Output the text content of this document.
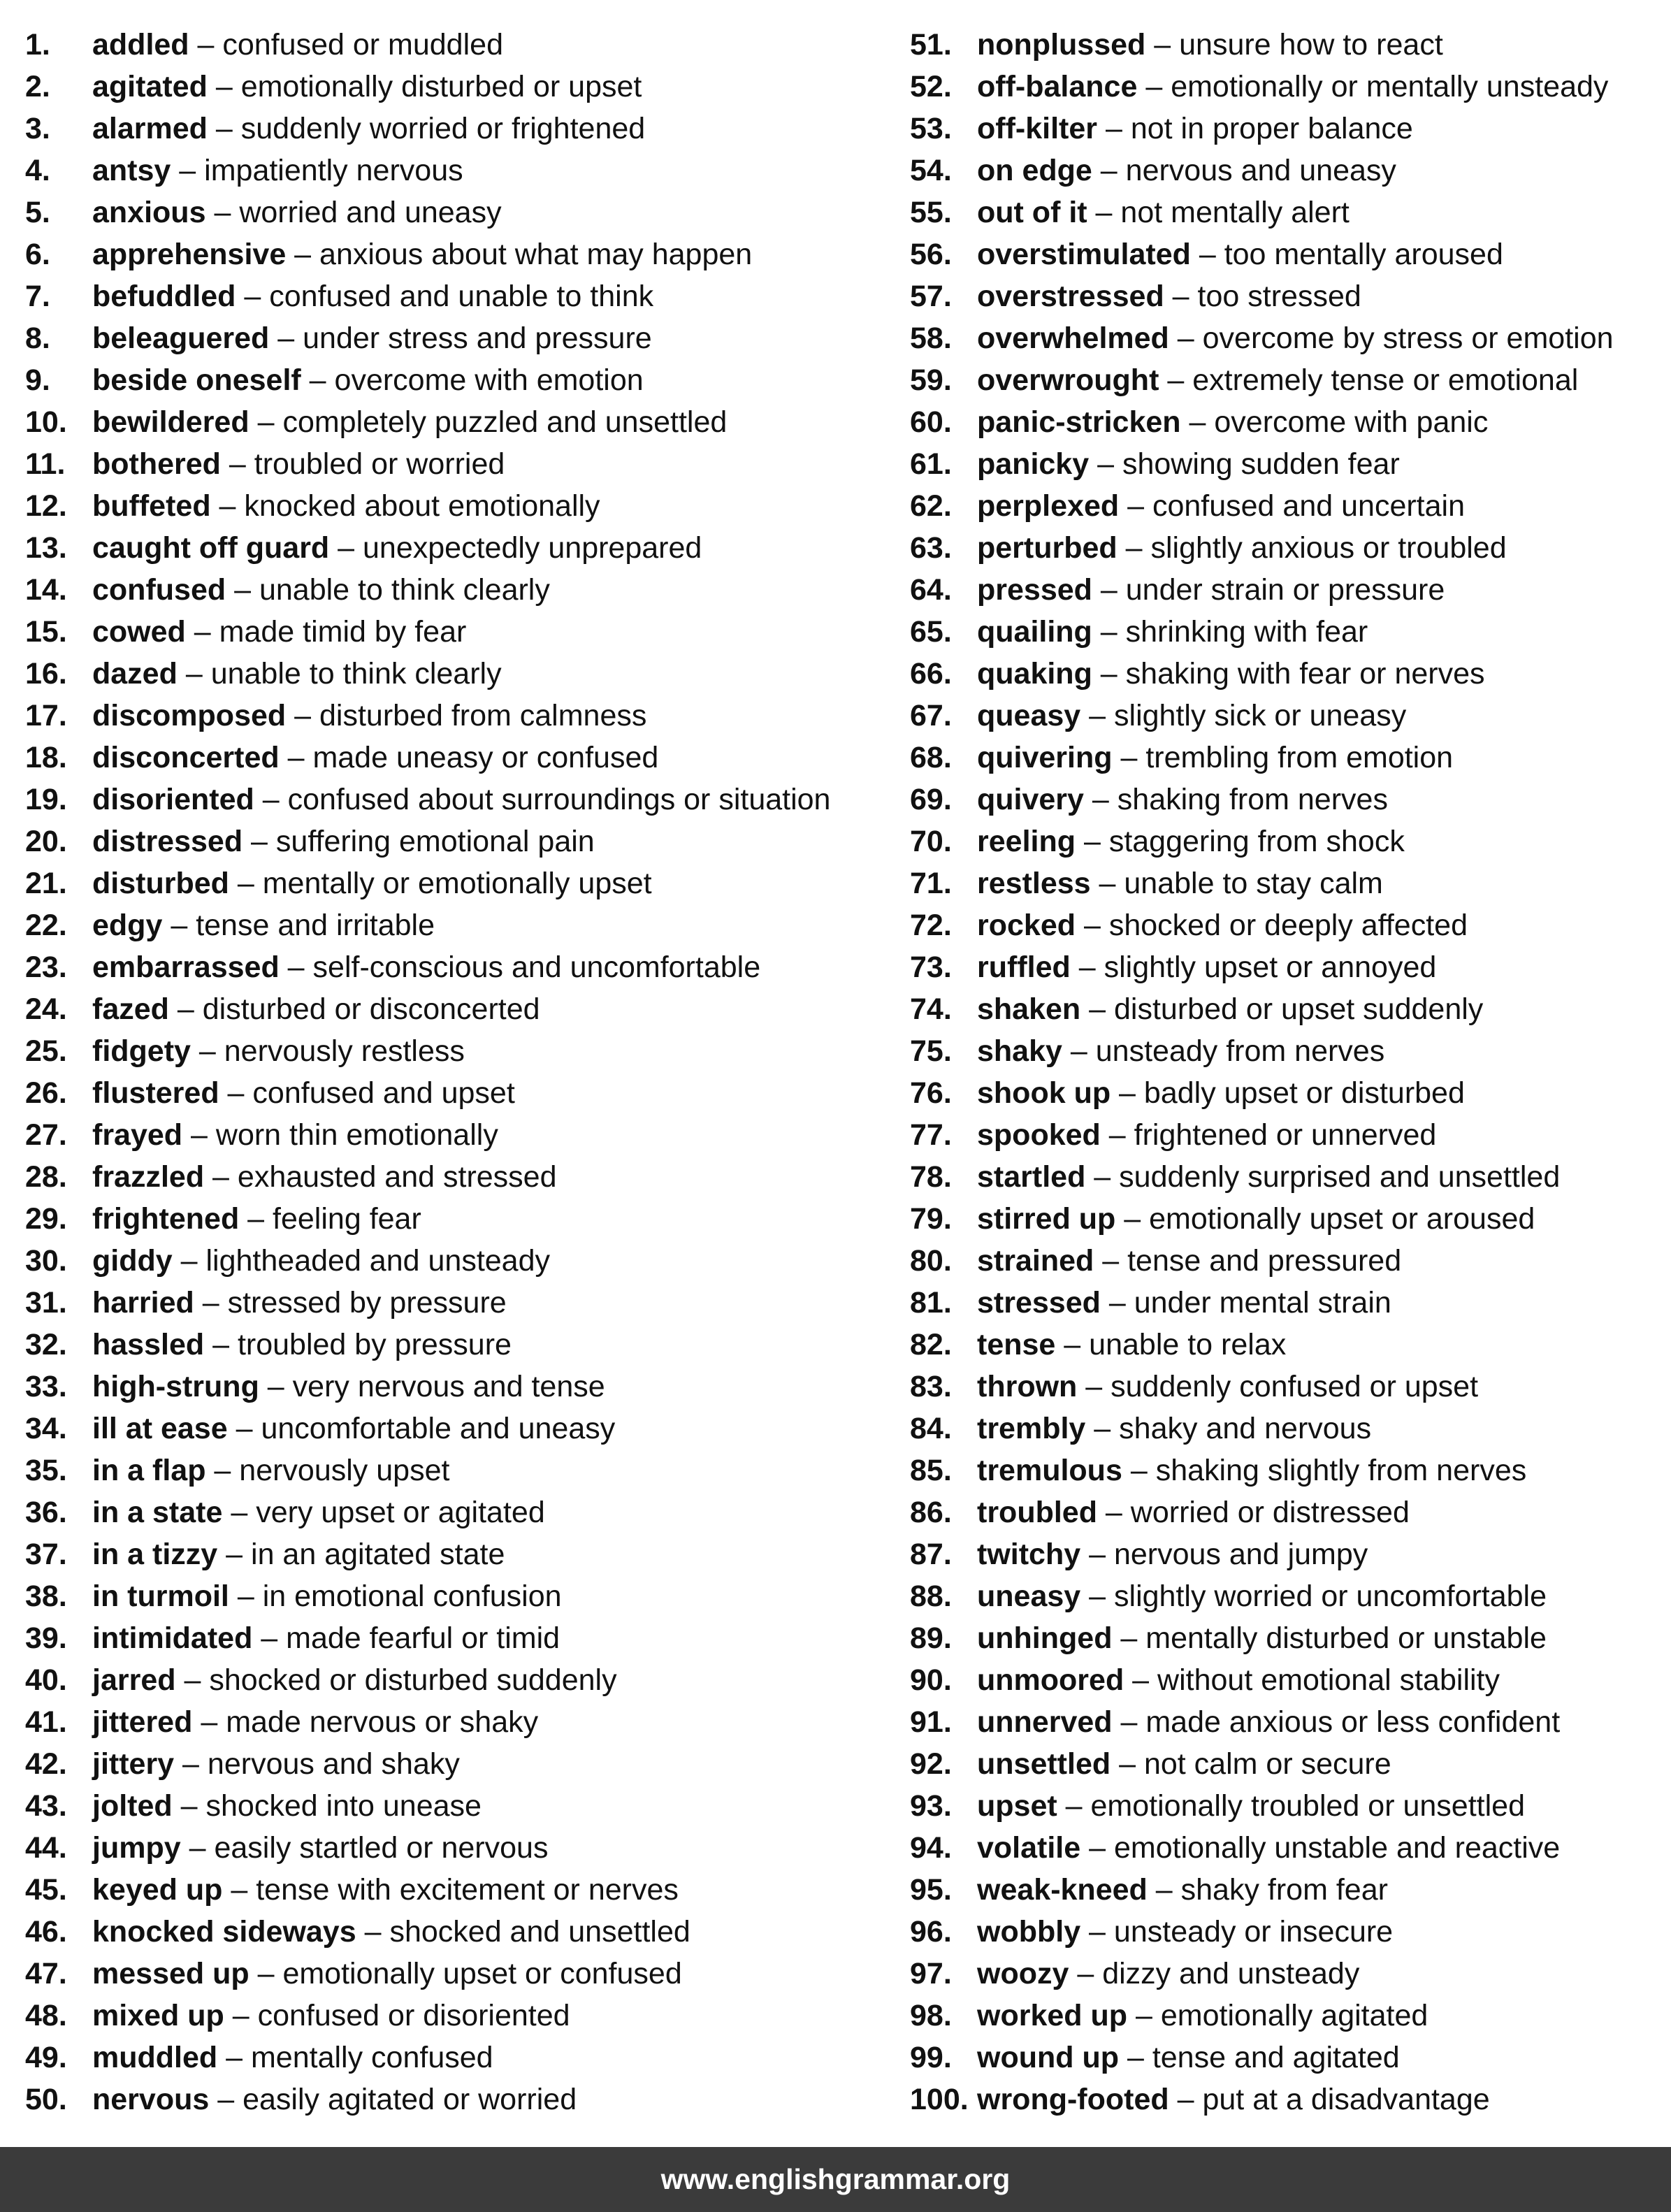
1. addled – confused or muddled
2. agitated – emotionally disturbed or upset
3. alarmed – suddenly worried or frightened
4. antsy – impatiently nervous
5. anxious – worried and uneasy
6. apprehensive – anxious about what may happen
7. befuddled – confused and unable to think
8. beleaguered – under stress and pressure
9. beside oneself – overcome with emotion
10. bewildered – completely puzzled and unsettled
11. bothered – troubled or worried
12. buffeted – knocked about emotionally
13. caught off guard – unexpectedly unprepared
14. confused – unable to think clearly
15. cowed – made timid by fear
16. dazed – unable to think clearly
17. discomposed – disturbed from calmness
18. disconcerted – made uneasy or confused
19. disoriented – confused about surroundings or situation
20. distressed – suffering emotional pain
21. disturbed – mentally or emotionally upset
22. edgy – tense and irritable
23. embarrassed – self-conscious and uncomfortable
24. fazed – disturbed or disconcerted
25. fidgety – nervously restless
26. flustered – confused and upset
27. frayed – worn thin emotionally
28. frazzled – exhausted and stressed
29. frightened – feeling fear
30. giddy – lightheaded and unsteady
31. harried – stressed by pressure
32. hassled – troubled by pressure
33. high-strung – very nervous and tense
34. ill at ease – uncomfortable and uneasy
35. in a flap – nervously upset
36. in a state – very upset or agitated
37. in a tizzy – in an agitated state
38. in turmoil – in emotional confusion
39. intimidated – made fearful or timid
40. jarred – shocked or disturbed suddenly
41. jittered – made nervous or shaky
42. jittery – nervous and shaky
43. jolted – shocked into unease
44. jumpy – easily startled or nervous
45. keyed up – tense with excitement or nerves
46. knocked sideways – shocked and unsettled
47. messed up – emotionally upset or confused
48. mixed up – confused or disoriented
49. muddled – mentally confused
50. nervous – easily agitated or worried
51. nonplussed – unsure how to react
52. off-balance – emotionally or mentally unsteady
53. off-kilter – not in proper balance
54. on edge – nervous and uneasy
55. out of it – not mentally alert
56. overstimulated – too mentally aroused
57. overstressed – too stressed
58. overwhelmed – overcome by stress or emotion
59. overwrought – extremely tense or emotional
60. panic-stricken – overcome with panic
61. panicky – showing sudden fear
62. perplexed – confused and uncertain
63. perturbed – slightly anxious or troubled
64. pressed – under strain or pressure
65. quailing – shrinking with fear
66. quaking – shaking with fear or nerves
67. queasy – slightly sick or uneasy
68. quivering – trembling from emotion
69. quivery – shaking from nerves
70. reeling – staggering from shock
71. restless – unable to stay calm
72. rocked – shocked or deeply affected
73. ruffled – slightly upset or annoyed
74. shaken – disturbed or upset suddenly
75. shaky – unsteady from nerves
76. shook up – badly upset or disturbed
77. spooked – frightened or unnerved
78. startled – suddenly surprised and unsettled
79. stirred up – emotionally upset or aroused
80. strained – tense and pressured
81. stressed – under mental strain
82. tense – unable to relax
83. thrown – suddenly confused or upset
84. trembly – shaky and nervous
85. tremulous – shaking slightly from nerves
86. troubled – worried or distressed
87. twitchy – nervous and jumpy
88. uneasy – slightly worried or uncomfortable
89. unhinged – mentally disturbed or unstable
90. unmoored – without emotional stability
91. unnerved – made anxious or less confident
92. unsettled – not calm or secure
93. upset – emotionally troubled or unsettled
94. volatile – emotionally unstable and reactive
95. weak-kneed – shaky from fear
96. wobbly – unsteady or insecure
97. woozy – dizzy and unsteady
98. worked up – emotionally agitated
99. wound up – tense and agitated
100. wrong-footed – put at a disadvantage
www.englishgrammar.org
